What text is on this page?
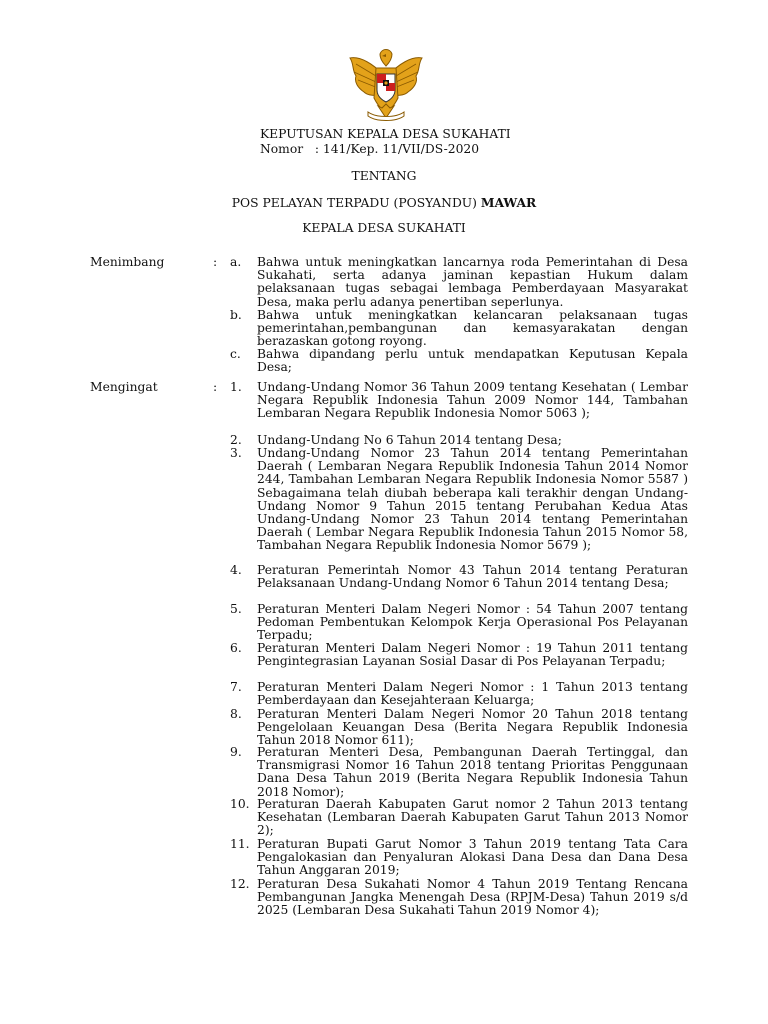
KEPUTUSAN KEPALA DESA SUKAHATI
Nomor : 141/Kep. 11/VII/DS-2020
TENTANG
POS PELAYAN TERPADU (POSYANDU) MAWAR
KEPALA DESA SUKAHATI
Menimbang	: a.	Bahwa untuk meningkatkan lancarnya roda Pemerintahan di Desa Sukahati, serta adanya jaminan kepastian Hukum dalam pelaksanaan tugas sebagai lembaga Pemberdayaan Masyarakat Desa, maka perlu adanya penertiban seperlunya.
b.	Bahwa untuk meningkatkan kelancaran pelaksanaan tugas pemerintahan,pembangunan dan kemasyarakatan dengan berazaskan gotong royong.
c.	Bahwa dipandang perlu untuk mendapatkan Keputusan Kepala Desa;
Mengingat	: 1.	Undang-Undang Nomor 36 Tahun 2009 tentang Kesehatan ( Lembar Negara Republik Indonesia Tahun 2009 Nomor 144, Tambahan Lembaran Negara Republik Indonesia Nomor 5063 );
2.	Undang-Undang No 6 Tahun 2014 tentang Desa;
3.	Undang-Undang Nomor 23 Tahun 2014 tentang Pemerintahan Daerah ( Lembaran Negara Republik Indonesia Tahun 2014 Nomor 244, Tambahan Lembaran Negara Republik Indonesia Nomor 5587 ) Sebagaimana telah diubah beberapa kali terakhir dengan Undang-Undang Nomor 9 Tahun 2015 tentang Perubahan Kedua Atas Undang-Undang Nomor 23 Tahun 2014 tentang Pemerintahan Daerah ( Lembar Negara Republik Indonesia Tahun 2015 Nomor 58, Tambahan Negara Republik Indonesia Nomor 5679 );
4.	Peraturan Pemerintah Nomor 43 Tahun 2014 tentang Peraturan Pelaksanaan Undang-Undang Nomor 6 Tahun 2014 tentang Desa;
5.	Peraturan Menteri Dalam Negeri Nomor : 54 Tahun 2007 tentang Pedoman Pembentukan Kelompok Kerja Operasional Pos Pelayanan Terpadu;
6.	Peraturan Menteri Dalam Negeri Nomor : 19 Tahun 2011 tentang Pengintegrasian Layanan Sosial Dasar di Pos Pelayanan Terpadu;
7.	Peraturan Menteri Dalam Negeri Nomor : 1 Tahun 2013 tentang Pemberdayaan dan Kesejahteraan Keluarga;
8.	Peraturan Menteri Dalam Negeri Nomor 20 Tahun 2018 tentang Pengelolaan Keuangan Desa (Berita Negara Republik Indonesia Tahun 2018 Nomor 611);
9.	Peraturan Menteri Desa, Pembangunan Daerah Tertinggal, dan Transmigrasi Nomor 16 Tahun 2018 tentang Prioritas Penggunaan Dana Desa Tahun 2019 (Berita Negara Republik Indonesia Tahun 2018 Nomor);
10. Peraturan Daerah Kabupaten Garut nomor 2 Tahun 2013 tentang Kesehatan (Lembaran Daerah Kabupaten Garut Tahun 2013 Nomor 2);
11. Peraturan Bupati Garut Nomor 3 Tahun 2019 tentang Tata Cara Pengalokasian dan Penyaluran Alokasi Dana Desa dan Dana Desa Tahun Anggaran 2019;
12. Peraturan Desa Sukahati Nomor 4 Tahun 2019 Tentang Rencana Pembangunan Jangka Menengah Desa (RPJM-Desa) Tahun 2019 s/d 2025 (Lembaran Desa Sukahati Tahun 2019 Nomor 4);
